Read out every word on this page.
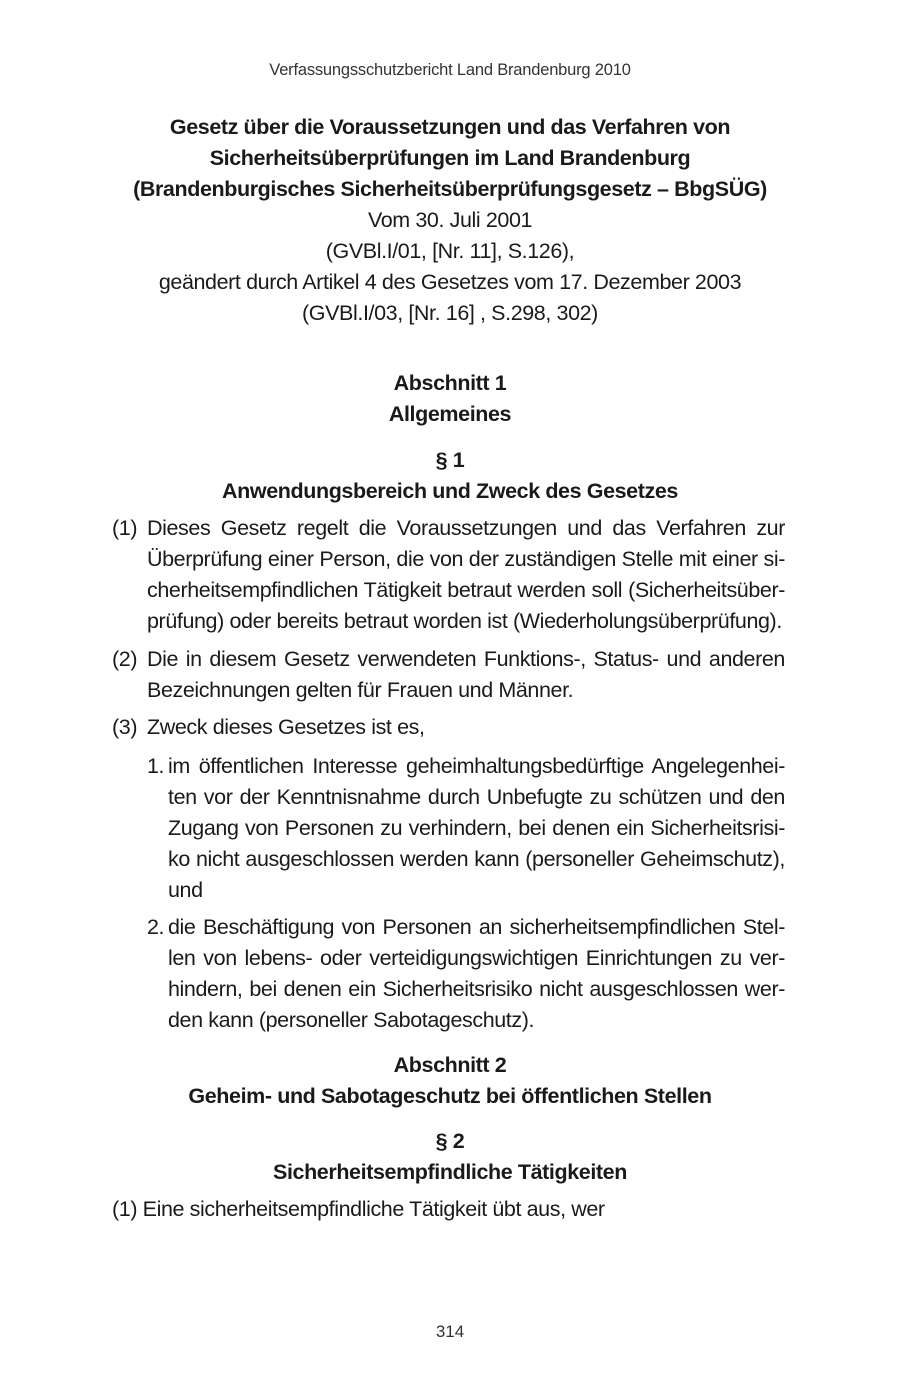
Verfassungsschutzbericht Land Brandenburg 2010
Gesetz über die Voraussetzungen und das Verfahren von
Sicherheitsüberprüfungen im Land Brandenburg
(Brandenburgisches Sicherheitsüberprüfungsgesetz – BbgSÜG)
Vom 30. Juli 2001
(GVBl.I/01, [Nr. 11], S.126),
geändert durch Artikel 4 des Gesetzes vom 17. Dezember 2003
(GVBl.I/03, [Nr. 16] , S.298, 302)
Abschnitt 1
Allgemeines
§ 1
Anwendungsbereich und Zweck des Gesetzes
(1) Dieses Gesetz regelt die Voraussetzungen und das Verfahren zur
Überprüfung einer Person, die von der zuständigen Stelle mit einer si-
cherheitsempfindlichen Tätigkeit betraut werden soll (Sicherheitsüber-
prüfung) oder bereits betraut worden ist (Wiederholungsüberprüfung).
(2) Die in diesem Gesetz verwendeten Funktions-, Status- und anderen
Bezeichnungen gelten für Frauen und Männer.
(3) Zweck dieses Gesetzes ist es,
1. im öffentlichen Interesse geheimhaltungsbedürftige Angelegenhei-
ten vor der Kenntnisnahme durch Unbefugte zu schützen und den
Zugang von Personen zu verhindern, bei denen ein Sicherheitsrisi-
ko nicht ausgeschlossen werden kann (personeller Geheimschutz),
und
2. die Beschäftigung von Personen an sicherheitsempfindlichen Stel-
len von lebens- oder verteidigungswichtigen Einrichtungen zu ver-
hindern, bei denen ein Sicherheitsrisiko nicht ausgeschlossen wer-
den kann (personeller Sabotageschutz).
Abschnitt 2
Geheim- und Sabotageschutz bei öffentlichen Stellen
§ 2
Sicherheitsempfindliche Tätigkeiten
(1) Eine sicherheitsempfindliche Tätigkeit übt aus, wer
314
